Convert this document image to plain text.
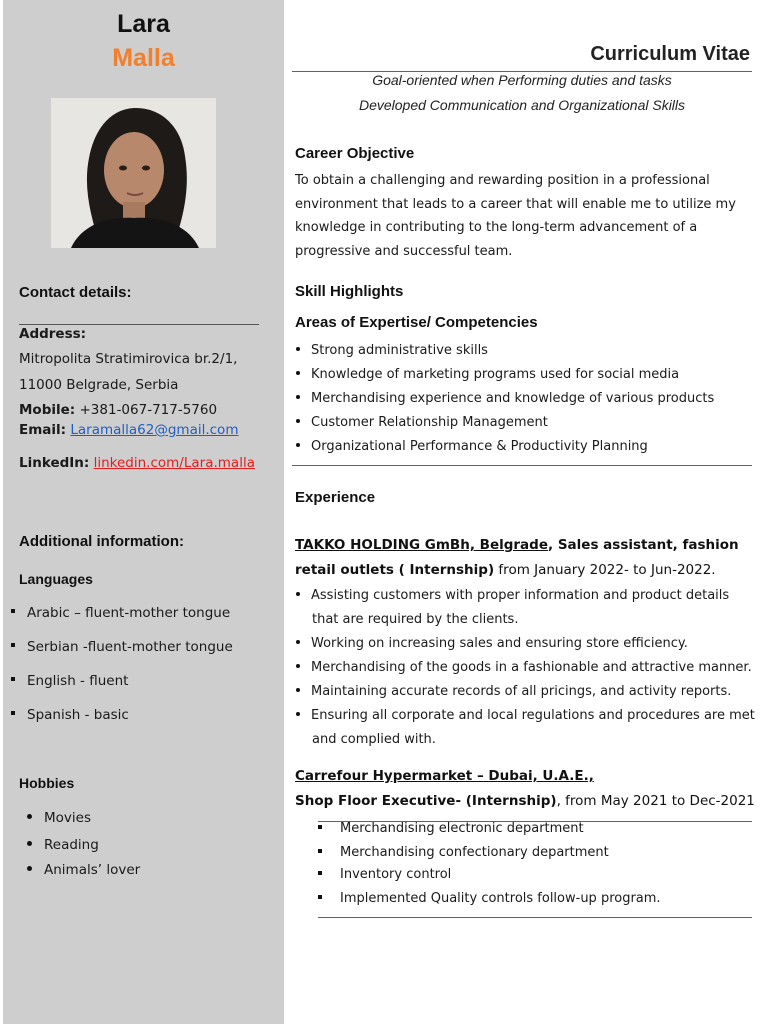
Lara
Malla
Contact details:
Address:
Mitropolita Stratimirovica br.2/1,
11000 Belgrade, Serbia
Mobile: +381-067-717-5760
Email: Laramalla62@gmail.com
LinkedIn: linkedin.com/Lara.malla
Additional information:
Languages
Arabic – fluent-mother tongue
Serbian -fluent-mother tongue
English - fluent
Spanish - basic
Hobbies
Movies
Reading
Animals’ lover
Curriculum Vitae
Goal-oriented when Performing duties and tasks
Developed Communication and Organizational Skills
Career Objective
To obtain a challenging and rewarding position in a professional
environment that leads to a career that will enable me to utilize my
knowledge in contributing to the long-term advancement of a
progressive and successful team.
Skill Highlights
Areas of Expertise/ Competencies
Strong administrative skills
Knowledge of marketing programs used for social media
Merchandising experience and knowledge of various products
Customer Relationship Management
Organizational Performance & Productivity Planning
Experience
TAKKO HOLDING GmBh, Belgrade, Sales assistant, fashion
retail outlets ( Internship) from January 2022- to Jun-2022.
Assisting customers with proper information and product details
that are required by the clients.
Working on increasing sales and ensuring store efficiency.
Merchandising of the goods in a fashionable and attractive manner.
Maintaining accurate records of all pricings, and activity reports.
Ensuring all corporate and local regulations and procedures are met
and complied with.
Carrefour Hypermarket – Dubai, U.A.E.,
Shop Floor Executive- (Internship), from May 2021 to Dec-2021
Merchandising electronic department
Merchandising confectionary department
Inventory control
Implemented Quality controls follow-up program.
